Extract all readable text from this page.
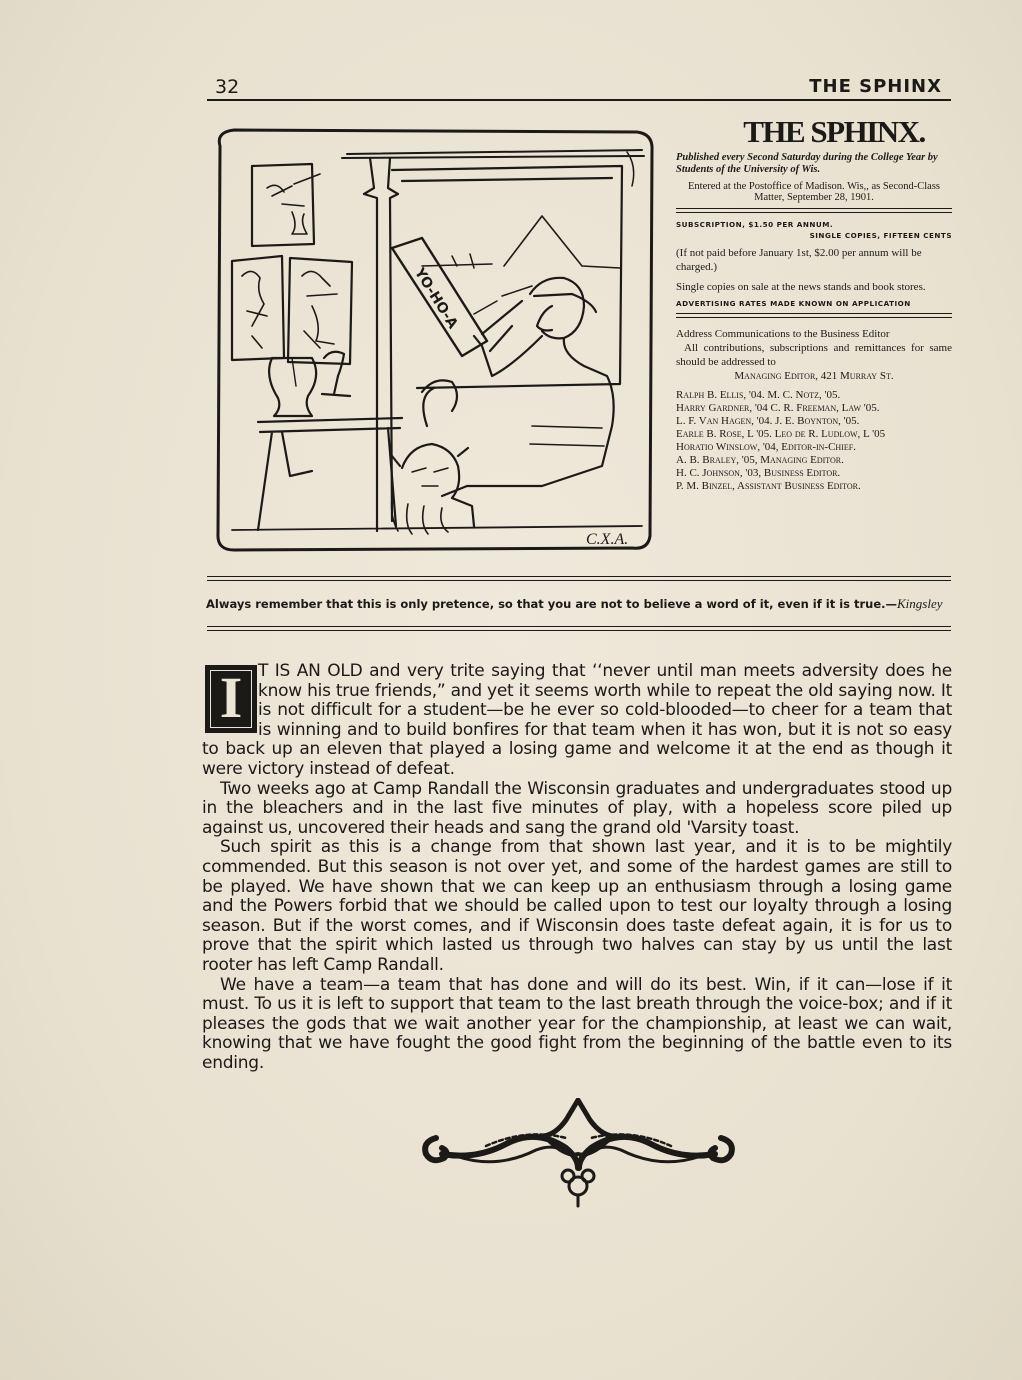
32	THE SPHINX
YO-HO-A
C.X.A.
THE SPHINX.
Published every Second Saturday during the College Year by Students of the University of Wis.
Entered at the Postoffice of Madison. Wis,, as Second-Class Matter, September 28, 1901.
SUBSCRIPTION, $1.50 PER ANNUM.
SINGLE COPIES, FIFTEEN CENTS
(If not paid before January 1st, $2.00 per annum will be charged.)
Single copies on sale at the news stands and book stores.
ADVERTISING RATES MADE KNOWN ON APPLICATION
Address Communications to the Business Editor
All contributions, subscriptions and remittances for same should be addressed to
Managing Editor, 421 Murray St.
Ralph B. Ellis, '04. M. C. Notz, '05.
Harry Gardner, '04 C. R. Freeman, Law '05.
L. F. Van Hagen, '04. J. E. Boynton, '05.
Earle B. Rose, L '05. Leo de R. Ludlow, L '05
Horatio Winslow, '04, Editor-in-Chief.
A. B. Braley, '05, Managing Editor.
H. C. Johnson, '03, Business Editor.
P. M. Binzel, Assistant Business Editor.
Always remember that this is only pretence, so that you are not to believe a word of it, even if it is true.—Kingsley
I T IS AN OLD and very trite saying that ‘‘never until man meets adversity does he know his true friends,” and yet it seems worth while to repeat the old saying now. It is not difficult for a student—be he ever so cold-blooded—to cheer for a team that is winning and to build bonfires for that team when it has won, but it is not so easy to back up an eleven that played a losing game and welcome it at the end as though it were victory instead of defeat.

Two weeks ago at Camp Randall the Wisconsin graduates and undergraduates stood up in the bleachers and in the last five minutes of play, with a hopeless score piled up against us, uncovered their heads and sang the grand old 'Varsity toast.

Such spirit as this is a change from that shown last year, and it is to be mightily commended. But this season is not over yet, and some of the hardest games are still to be played. We have shown that we can keep up an enthusiasm through a losing game and the Powers forbid that we should be called upon to test our loyalty through a losing season. But if the worst comes, and if Wisconsin does taste defeat again, it is for us to prove that the spirit which lasted us through two halves can stay by us until the last rooter has left Camp Randall.

We have a team—a team that has done and will do its best. Win, if it can—lose if it must. To us it is left to support that team to the last breath through the voice-box; and if it pleases the gods that we wait another year for the championship, at least we can wait, knowing that we have fought the good fight from the beginning of the battle even to its ending.
